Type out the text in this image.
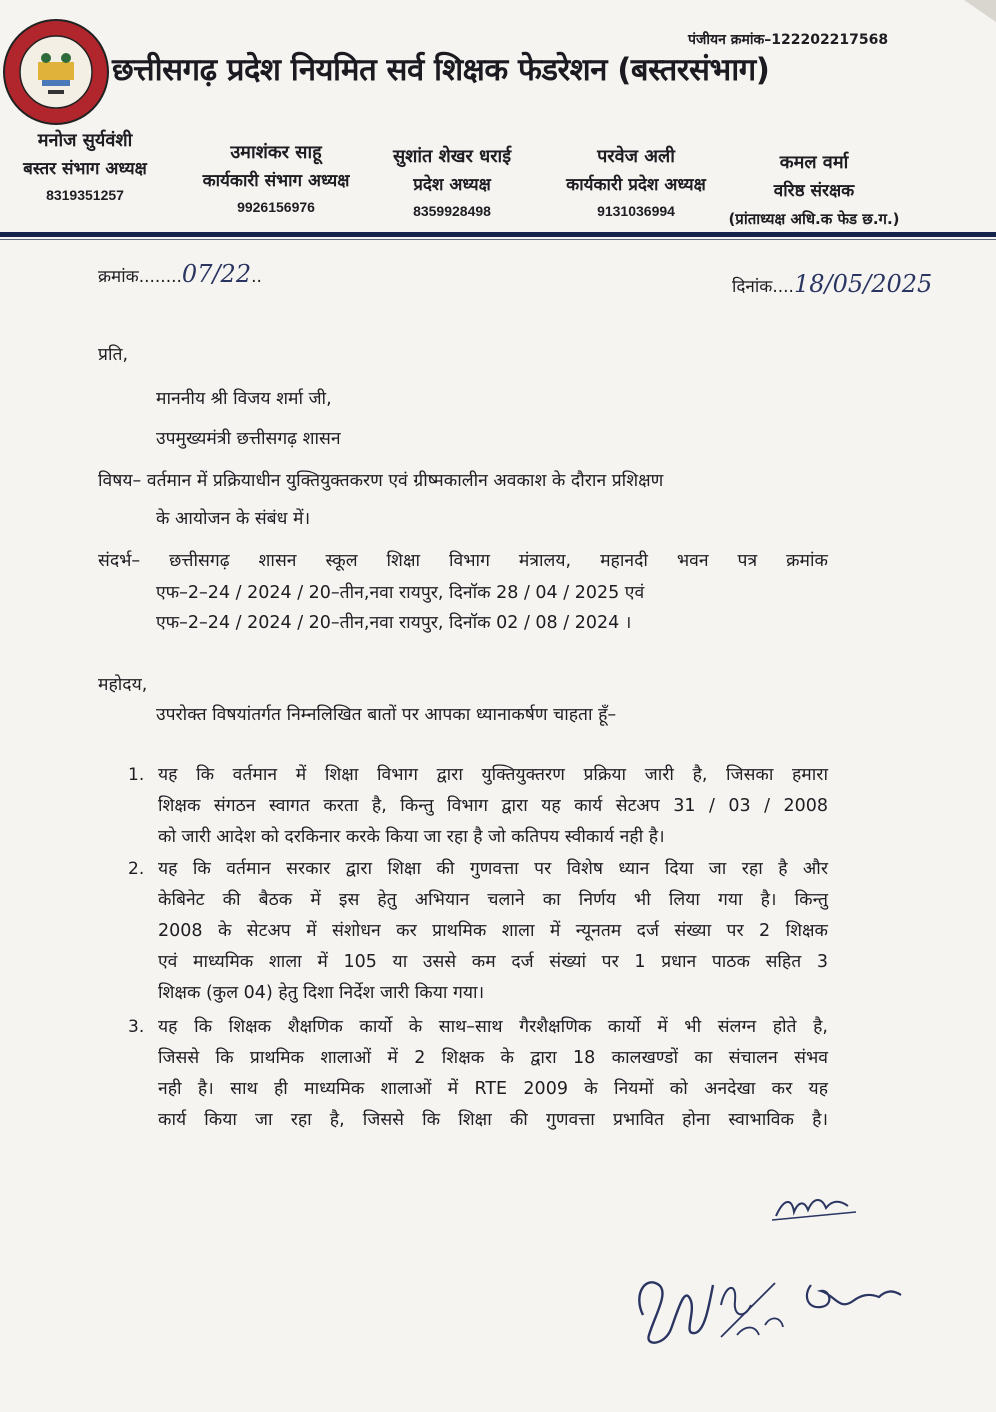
पंजीयन क्रमांक–122202217568
छत्तीसगढ़ प्रदेश नियमित सर्व शिक्षक फेडरेशन (बस्तरसंभाग)
मनोज सुर्यवंशी
बस्तर संभाग अध्यक्ष
8319351257
उमाशंकर साहू
कार्यकारी संभाग अध्यक्ष
9926156976
सुशांत शेखर धराई
प्रदेश अध्यक्ष
8359928498
परवेज अली
कार्यकारी प्रदेश अध्यक्ष
9131036994
कमल वर्मा
वरिष्ठ संरक्षक
(प्रांताध्यक्ष अधि.क फेड छ.ग.)
क्रमांक........07/22..	दिनांक....18/05/2025
प्रति,
माननीय श्री विजय शर्मा जी,
उपमुख्यमंत्री छत्तीसगढ़ शासन
विषय– वर्तमान में प्रक्रियाधीन युक्तियुक्तकरण एवं ग्रीष्मकालीन अवकाश के दौरान प्रशिक्षण
के आयोजन के संबंध में।
संदर्भ– छत्तीसगढ़ शासन स्कूल शिक्षा विभाग मंत्रालय, महानदी भवन पत्र क्रमांक
एफ–2–24 / 2024 / 20–तीन,नवा रायपुर, दिनॉक 28 / 04 / 2025 एवं
एफ–2–24 / 2024 / 20–तीन,नवा रायपुर, दिनॉक 02 / 08 / 2024 ।
महोदय,
उपरोक्त विषयांतर्गत निम्नलिखित बातों पर आपका ध्यानाकर्षण चाहता हूँ–
1. यह कि वर्तमान में शिक्षा विभाग द्वारा युक्तियुक्तरण प्रक्रिया जारी है, जिसका हमारा
शिक्षक संगठन स्वागत करता है, किन्तु विभाग द्वारा यह कार्य सेटअप 31 / 03 / 2008
को जारी आदेश को दरकिनार करके किया जा रहा है जो कतिपय स्वीकार्य नही है।
2. यह कि वर्तमान सरकार द्वारा शिक्षा की गुणवत्ता पर विशेष ध्यान दिया जा रहा है और
केबिनेट की बैठक में इस हेतु अभियान चलाने का निर्णय भी लिया गया है। किन्तु
2008 के सेटअप में संशोधन कर प्राथमिक शाला में न्यूनतम दर्ज संख्या पर 2 शिक्षक
एवं माध्यमिक शाला में 105 या उससे कम दर्ज संख्यां पर 1 प्रधान पाठक सहित 3
शिक्षक (कुल 04) हेतु दिशा निर्देश जारी किया गया।
3. यह कि शिक्षक शैक्षणिक कार्यो के साथ–साथ गैरशैक्षणिक कार्यो में भी संलग्न होते है,
जिससे कि प्राथमिक शालाओं में 2 शिक्षक के द्वारा 18 कालखण्डों का संचालन संभव
नही है। साथ ही माध्यमिक शालाओं में RTE 2009 के नियमों को अनदेखा कर यह
कार्य किया जा रहा है, जिससे कि शिक्षा की गुणवत्ता प्रभावित होना स्वाभाविक है।
